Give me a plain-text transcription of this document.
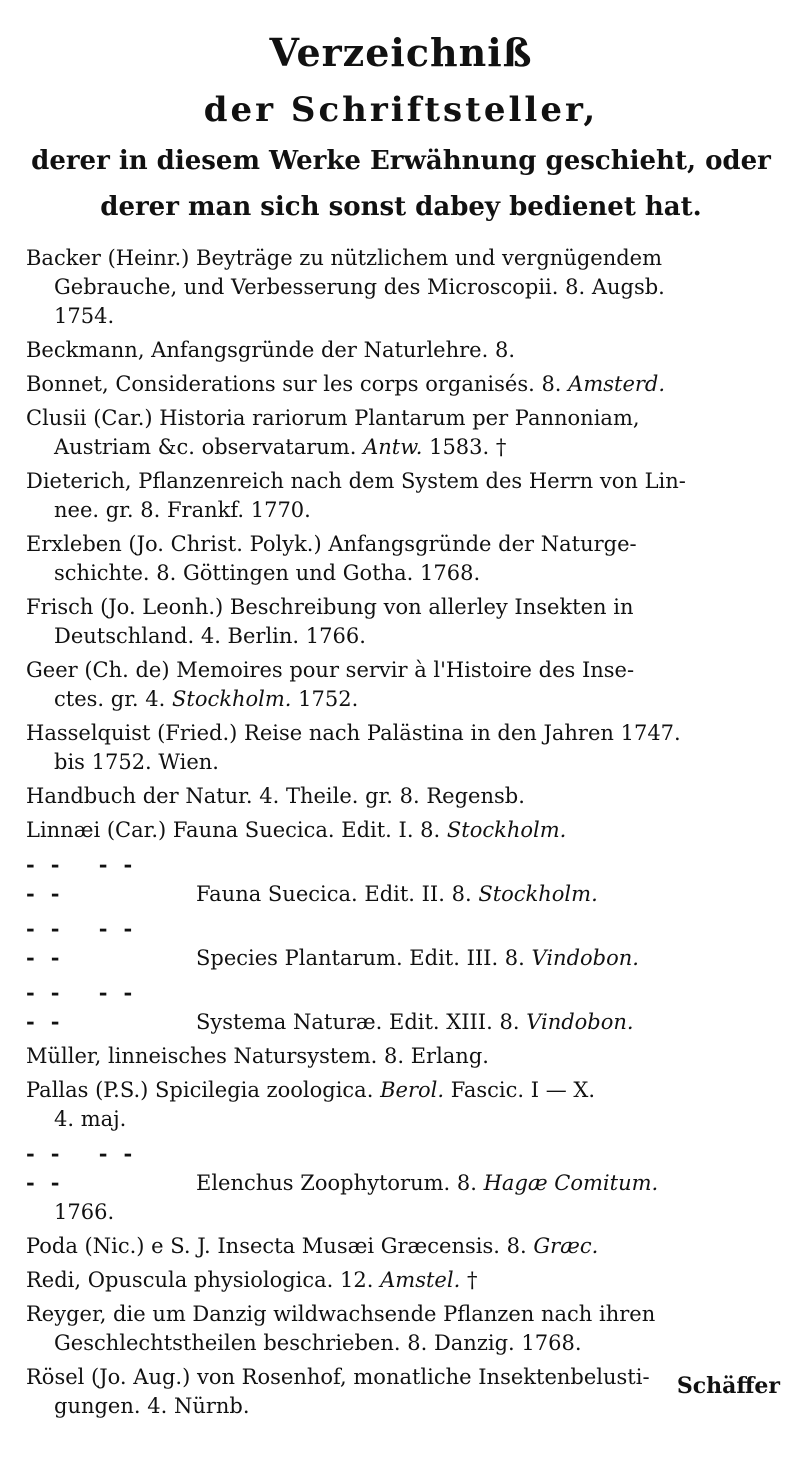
Verzeichniß
der Schriftsteller,
derer in diesem Werke Erwähnung geschieht, oder
derer man sich sonst dabey bedienet hat.
Backer (Heinr.) Beyträge zu nützlichem und vergnügendem
Gebrauche, und Verbesserung des Microscopii. 8. Augsb.
1754.
Beckmann, Anfangsgründe der Naturlehre. 8.
Bonnet, Considerations sur les corps organisés. 8. Amsterd.
Clusii (Car.) Historia rariorum Plantarum per Pannoniam,
Austriam &c. observatarum. Antw. 1583. †
Dieterich, Pflanzenreich nach dem System des Herrn von Lin-
nee. gr. 8. Frankf. 1770.
Erxleben (Jo. Christ. Polyk.) Anfangsgründe der Naturge-
schichte. 8. Göttingen und Gotha. 1768.
Frisch (Jo. Leonh.) Beschreibung von allerley Insekten in
Deutschland. 4. Berlin. 1766.
Geer (Ch. de) Memoires pour servir à l'Histoire des Inse-
ctes. gr. 4. Stockholm. 1752.
Hasselquist (Fried.) Reise nach Palästina in den Jahren 1747.
bis 1752. Wien.
Handbuch der Natur. 4. Theile. gr. 8. Regensb.
Linnæi (Car.) Fauna Suecica. Edit. I. 8. Stockholm.
-- -- --	Fauna Suecica. Edit. II. 8. Stockholm.
-- -- --	Species Plantarum. Edit. III. 8. Vindobon.
-- -- --	Systema Naturæ. Edit. XIII. 8. Vindobon.
Müller, linneisches Natursystem. 8. Erlang.
Pallas (P.S.) Spicilegia zoologica. Berol. Fascic. I — X.
4. maj.
-- -- --	Elenchus Zoophytorum. 8. Hagæ Comitum.
1766.
Poda (Nic.) e S. J. Insecta Musæi Græcensis. 8. Græc.
Redi, Opuscula physiologica. 12. Amstel. †
Reyger, die um Danzig wildwachsende Pflanzen nach ihren
Geschlechtstheilen beschrieben. 8. Danzig. 1768.
Rösel (Jo. Aug.) von Rosenhof, monatliche Insektenbelusti-
gungen. 4. Nürnb.
Schäffer
